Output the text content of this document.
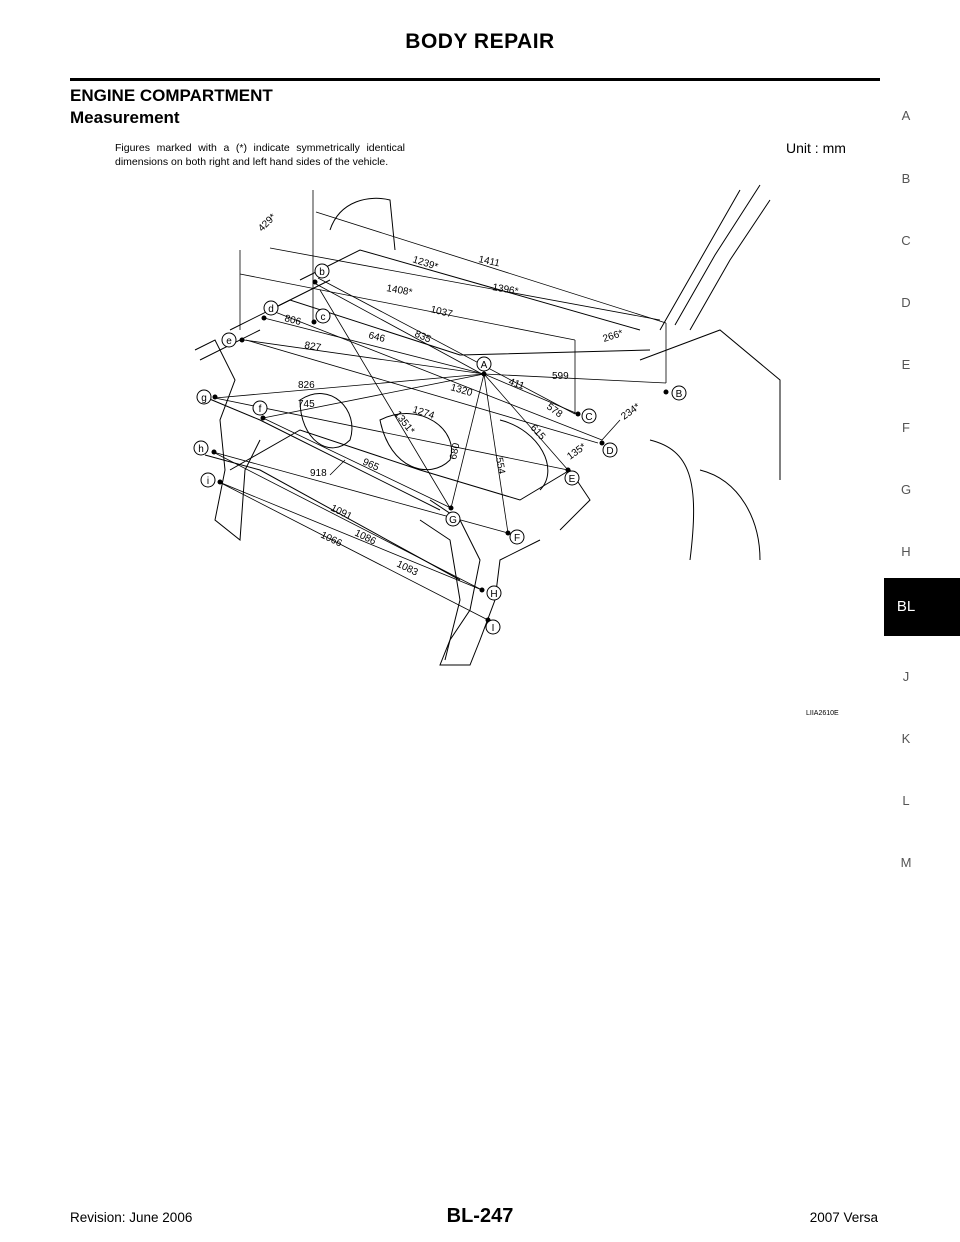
BODY REPAIR
ENGINE COMPARTMENT
Measurement
Figures marked with a (*) indicate symmetrically identical dimensions on both right and left hand sides of the vehicle.
Unit : mm
A
B
C
D
E
F
G
H
BL
J
K
L
M
A
B
C
D
E
F
G
H
I
b
c
d
e
f
g
h
i
429*
1239*	1411
1408*	1396*
1037
806
646	835	266*
827
599
411
1320
826
745	578	234*
1274
1351*	615
135*
680
554
918	965
1091
1086
1066
1083
LIIA2610E
Revision: June 2006	BL-247	2007 Versa
